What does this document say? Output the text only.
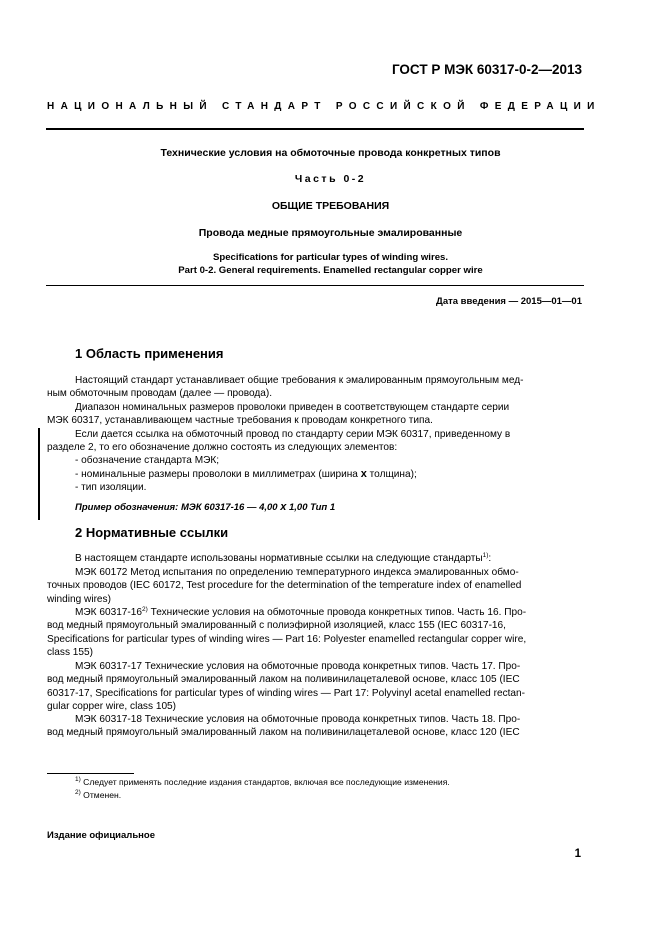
ГОСТ Р МЭК 60317-0-2—2013
НАЦИОНАЛЬНЫЙ СТАНДАРТ РОССИЙСКОЙ ФЕДЕРАЦИИ
Технические условия на обмоточные провода конкретных типов
Часть 0-2
ОБЩИЕ ТРЕБОВАНИЯ
Провода медные прямоугольные эмалированные
Specifications for particular types of winding wires.
Part 0-2. General requirements. Enamelled rectangular copper wire
Дата введения — 2015—01—01
1 Область применения
Настоящий стандарт устанавливает общие требования к эмалированным прямоугольным мед-
ным обмоточным проводам (далее — провода).
Диапазон номинальных размеров проволоки приведен в соответствующем стандарте серии
МЭК 60317, устанавливающем частные требования к проводам конкретного типа.
Если дается ссылка на обмоточный провод по стандарту серии МЭК 60317, приведенному в
разделе 2, то его обозначение должно состоять из следующих элементов:
- обозначение стандарта МЭК;
- номинальные размеры проволоки в миллиметрах (ширина x толщина);
- тип изоляции.
Пример обозначения: МЭК 60317-16 — 4,00 x 1,00 Тип 1
2 Нормативные ссылки
В настоящем стандарте использованы нормативные ссылки на следующие стандарты$^{1)}$:
МЭК 60172 Метод испытания по определению температурного индекса эмалированных обмо-
точных проводов (IEC 60172, Test procedure for the determination of the temperature index of enamelled
winding wires)
МЭК 60317-16$^{2)}$ Технические условия на обмоточные провода конкретных типов. Часть 16. Про-
вод медный прямоугольный эмалированный с полиэфирной изоляцией, класс 155 (IEC 60317-16,
Specifications for particular types of winding wires — Part 16: Polyester enamelled rectangular copper wire,
class 155)
МЭК 60317-17 Технические условия на обмоточные провода конкретных типов. Часть 17. Про-
вод медный прямоугольный эмалированный лаком на поливинилацеталевой основе, класс 105 (IEC
60317-17, Specifications for particular types of winding wires — Part 17: Polyvinyl acetal enamelled rectan-
gular copper wire, class 105)
МЭК 60317-18 Технические условия на обмоточные провода конкретных типов. Часть 18. Про-
вод медный прямоугольный эмалированный лаком на поливинилацеталевой основе, класс 120 (IEC
$^{1)}$ Следует применять последние издания стандартов, включая все последующие изменения.
$^{2)}$ Отменен.
Издание официальное
1
